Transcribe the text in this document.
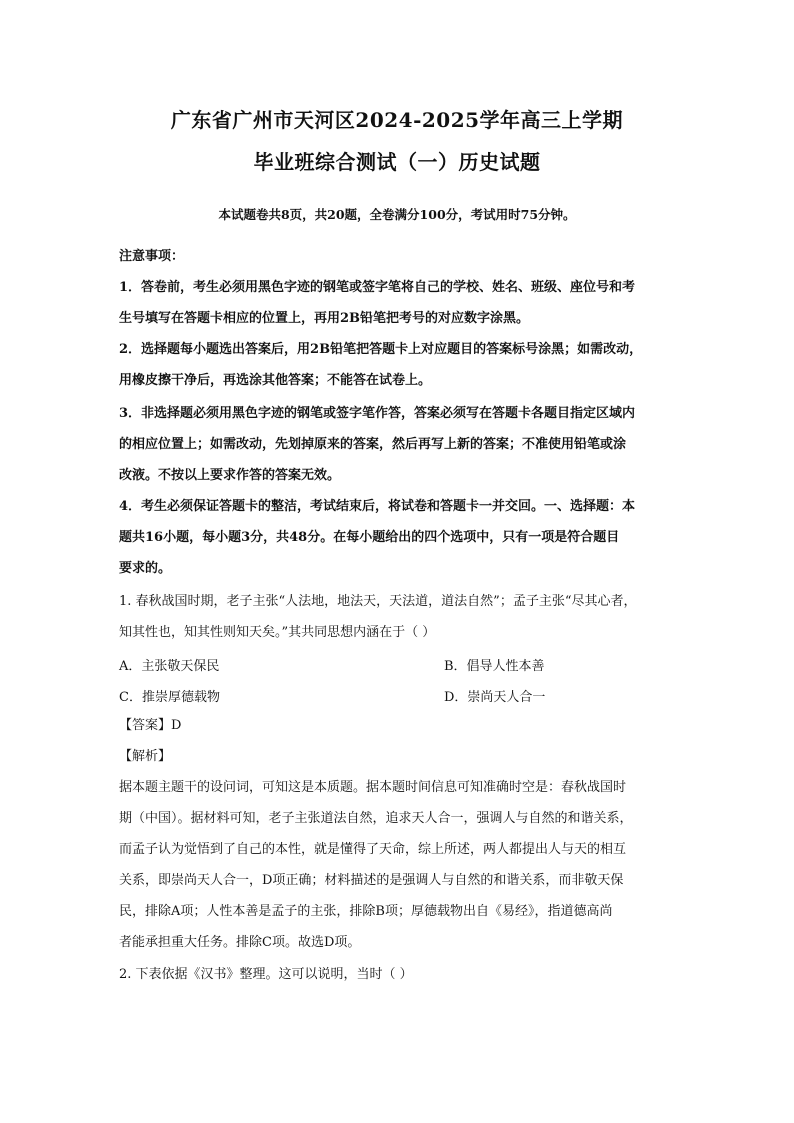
广东省广州市天河区2024-2025学年高三上学期
毕业班综合测试（一）历史试题
本试题卷共8页，共20题，全卷满分100分，考试用时75分钟。
注意事项：
1．答卷前，考生必须用黑色字迹的钢笔或签字笔将自己的学校、姓名、班级、座位号和考
生号填写在答题卡相应的位置上，再用2B铅笔把考号的对应数字涂黑。
2．选择题每小题选出答案后，用2B铅笔把答题卡上对应题目的答案标号涂黑；如需改动，
用橡皮擦干净后，再选涂其他答案；不能答在试卷上。
3．非选择题必须用黑色字迹的钢笔或签字笔作答，答案必须写在答题卡各题目指定区域内
的相应位置上；如需改动，先划掉原来的答案，然后再写上新的答案；不准使用铅笔或涂
改液。不按以上要求作答的答案无效。
4．考生必须保证答题卡的整洁，考试结束后，将试卷和答题卡一并交回。一、选择题：本
题共16小题，每小题3分，共48分。在每小题给出的四个选项中，只有一项是符合题目
要求的。
1. 春秋战国时期，老子主张“人法地，地法天，天法道，道法自然”；孟子主张“尽其心者，
知其性也，知其性则知天矣。”其共同思想内涵在于（ ）
A．主张敬天保民	B．倡导人性本善
C．推崇厚德载物	D．崇尚天人合一
【答案】D
【解析】
据本题主题干的设问词，可知这是本质题。据本题时间信息可知准确时空是：春秋战国时
期（中国）。据材料可知，老子主张道法自然，追求天人合一，强调人与自然的和谐关系，
而孟子认为觉悟到了自己的本性，就是懂得了天命，综上所述，两人都提出人与天的相互
关系，即崇尚天人合一，D项正确；材料描述的是强调人与自然的和谐关系，而非敬天保
民，排除A项；人性本善是孟子的主张，排除B项；厚德载物出自《易经》，指道德高尚
者能承担重大任务。排除C项。故选D项。
2. 下表依据《汉书》整理。这可以说明，当时（ ）
